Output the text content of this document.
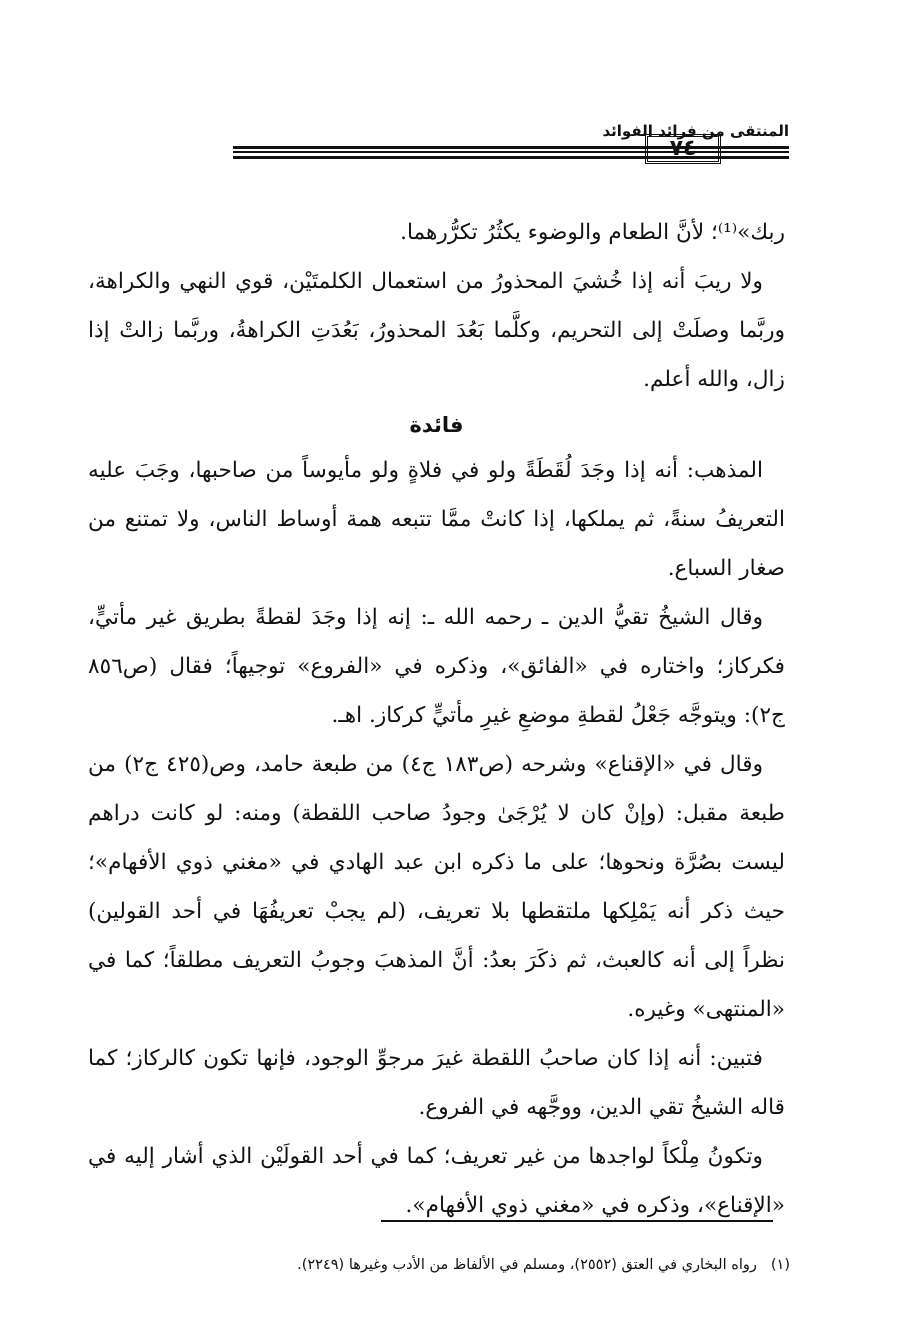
المنتقى من فرائد الفوائد
٧٤

ربك»⁽¹⁾؛ لأنَّ الطعام والوضوء يكثُرُ تكرُّرهما.

ولا ريبَ أنه إذا خُشيَ المحذورُ من استعمال الكلمتَيْن، قوي النهي والكراهة، وربَّما وصلَتْ إلى التحريم، وكلَّما بَعُدَ المحذورُ، بَعُدَتِ الكراهةُ، وربَّما زالتْ إذا زال، والله أعلم.

فائدة

المذهب: أنه إذا وجَدَ لُقَطَةً ولو في فلاةٍ ولو مأيوساً من صاحبها، وجَبَ عليه التعريفُ سنةً، ثم يملكها، إذا كانتْ ممَّا تتبعه همة أوساط الناس، ولا تمتنع من صغار السباع.

وقال الشيخُ تقيُّ الدين ـ رحمه الله ـ: إنه إذا وجَدَ لقطةً بطريق غير مأتيٍّ، فكركاز؛ واختاره في «الفائق»، وذكره في «الفروع» توجيهاً؛ فقال (ص٨٥٦ ج٢): ويتوجَّه جَعْلُ لقطةِ موضعِ غيرِ مأتيٍّ كركاز. اهـ.

وقال في «الإقناع» وشرحه (ص١٨٣ ج٤) من طبعة حامد، وص(٤٢٥ ج٢) من طبعة مقبل: (وإنْ كان لا يُرْجَىٰ وجودُ صاحب اللقطة) ومنه: لو كانت دراهم ليست بصُرَّة ونحوها؛ على ما ذكره ابن عبد الهادي في «مغني ذوي الأفهام»؛ حيث ذكر أنه يَمْلِكها ملتقطها بلا تعريف، (لم يجبْ تعريفُهَا في أحد القولين) نظراً إلى أنه كالعبث، ثم ذكَرَ بعدُ: أنَّ المذهبَ وجوبُ التعريف مطلقاً؛ كما في «المنتهى» وغيره.

فتبين: أنه إذا كان صاحبُ اللقطة غيرَ مرجوِّ الوجود، فإنها تكون كالركاز؛ كما قاله الشيخُ تقي الدين، ووجَّهه في الفروع.

وتكونُ مِلْكاً لواجدها من غير تعريف؛ كما في أحد القولَيْن الذي أشار إليه في «الإقناع»، وذكره في «مغني ذوي الأفهام».

(١)رواه البخاري في العتق (٢٥٥٢)، ومسلم في الألفاظ من الأدب وغيرها (٢٢٤٩).
